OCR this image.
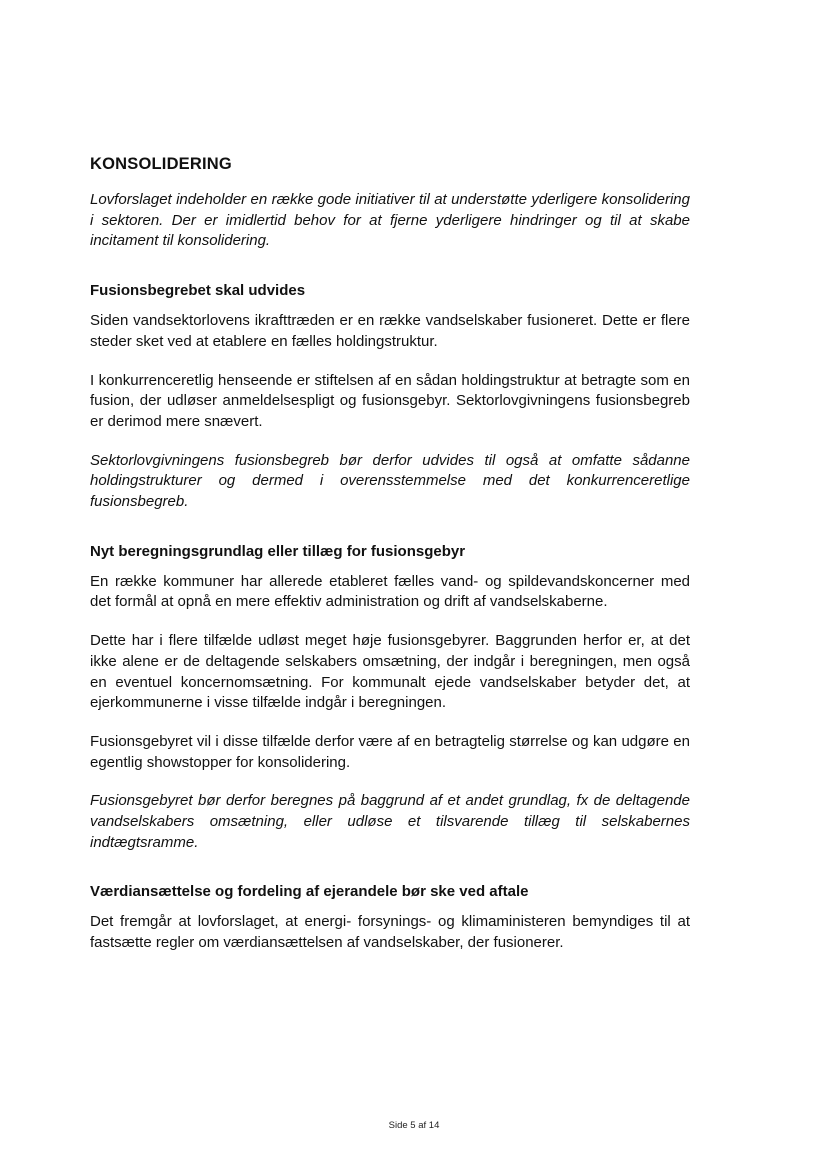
KONSOLIDERING

Lovforslaget indeholder en række gode initiativer til at understøtte yderligere konsolidering i sektoren. Der er imidlertid behov for at fjerne yderligere hindringer og til at skabe incitament til konsolidering.

Fusionsbegrebet skal udvides

Siden vandsektorlovens ikrafttræden er en række vandselskaber fusioneret. Dette er flere steder sket ved at etablere en fælles holdingstruktur.

I konkurrenceretlig henseende er stiftelsen af en sådan holdingstruktur at betragte som en fusion, der udløser anmeldelsespligt og fusionsgebyr. Sektorlovgivningens fusionsbegreb er derimod mere snævert.

Sektorlovgivningens fusionsbegreb bør derfor udvides til også at omfatte sådanne holdingstrukturer og dermed i overensstemmelse med det konkurrenceretlige fusionsbegreb.

Nyt beregningsgrundlag eller tillæg for fusionsgebyr

En række kommuner har allerede etableret fælles vand- og spildevandskoncerner med det formål at opnå en mere effektiv administration og drift af vandselskaberne.

Dette har i flere tilfælde udløst meget høje fusionsgebyrer. Baggrunden herfor er, at det ikke alene er de deltagende selskabers omsætning, der indgår i beregningen, men også en eventuel koncernomsætning. For kommunalt ejede vandselskaber betyder det, at ejerkommunerne i visse tilfælde indgår i beregningen.

Fusionsgebyret vil i disse tilfælde derfor være af en betragtelig størrelse og kan udgøre en egentlig showstopper for konsolidering.

Fusionsgebyret bør derfor beregnes på baggrund af et andet grundlag, fx de deltagende vandselskabers omsætning, eller udløse et tilsvarende tillæg til selskabernes indtægtsramme.

Værdiansættelse og fordeling af ejerandele bør ske ved aftale

Det fremgår at lovforslaget, at energi- forsynings- og klimaministeren bemyndiges til at fastsætte regler om værdiansættelsen af vandselskaber, der fusionerer.

Side 5 af 14
